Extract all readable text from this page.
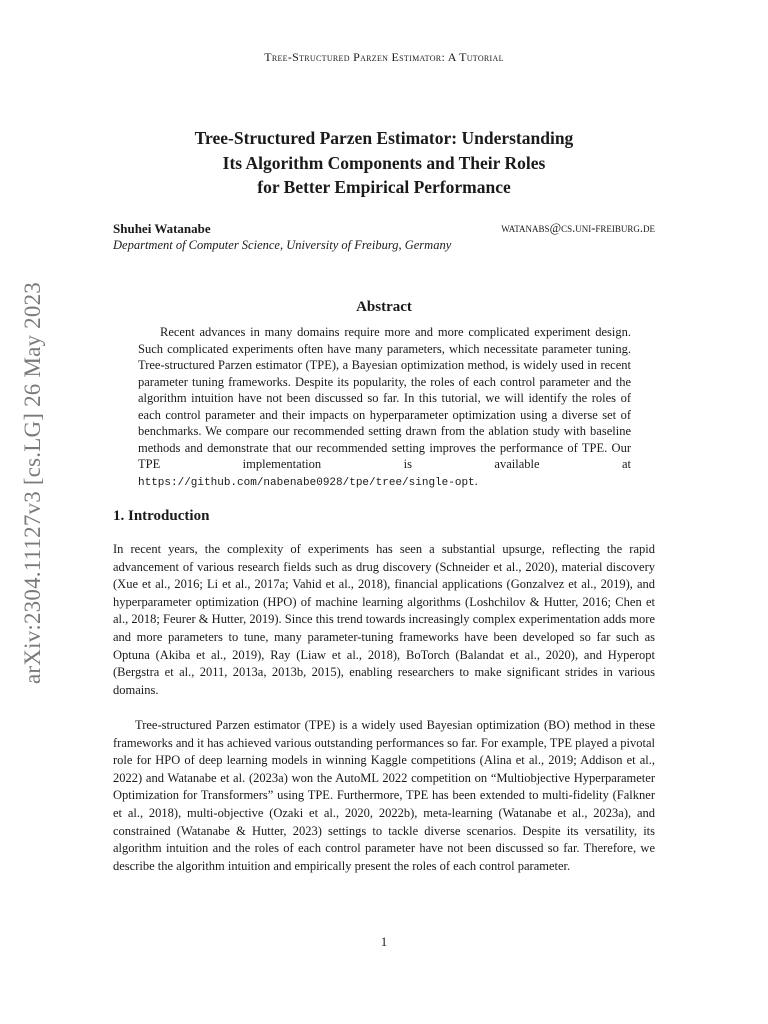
Tree-Structured Parzen Estimator: A Tutorial
arXiv:2304.11127v3 [cs.LG] 26 May 2023
Tree-Structured Parzen Estimator: Understanding
Its Algorithm Components and Their Roles
for Better Empirical Performance
Shuhei Watanabe	watanabs@cs.uni-freiburg.de
Department of Computer Science, University of Freiburg, Germany
Abstract

Recent advances in many domains require more and more complicated experiment design. Such complicated experiments often have many parameters, which necessitate parameter tuning. Tree-structured Parzen estimator (TPE), a Bayesian optimization method, is widely used in recent parameter tuning frameworks. Despite its popularity, the roles of each control parameter and the algorithm intuition have not been discussed so far. In this tutorial, we will identify the roles of each control parameter and their impacts on hyperparameter optimization using a diverse set of benchmarks. We compare our recommended setting drawn from the ablation study with baseline methods and demonstrate that our recommended setting improves the performance of TPE. Our TPE implementation is available at https://github.com/nabenabe0928/tpe/tree/single-opt.

1. Introduction

In recent years, the complexity of experiments has seen a substantial upsurge, reflecting the rapid advancement of various research fields such as drug discovery (Schneider et al., 2020), material discovery (Xue et al., 2016; Li et al., 2017a; Vahid et al., 2018), financial applications (Gonzalvez et al., 2019), and hyperparameter optimization (HPO) of machine learning algorithms (Loshchilov & Hutter, 2016; Chen et al., 2018; Feurer & Hutter, 2019). Since this trend towards increasingly complex experimentation adds more and more parameters to tune, many parameter-tuning frameworks have been developed so far such as Optuna (Akiba et al., 2019), Ray (Liaw et al., 2018), BoTorch (Balandat et al., 2020), and Hyperopt (Bergstra et al., 2011, 2013a, 2013b, 2015), enabling researchers to make significant strides in various domains.

Tree-structured Parzen estimator (TPE) is a widely used Bayesian optimization (BO) method in these frameworks and it has achieved various outstanding performances so far. For example, TPE played a pivotal role for HPO of deep learning models in winning Kaggle competitions (Alina et al., 2019; Addison et al., 2022) and Watanabe et al. (2023a) won the AutoML 2022 competition on “Multiobjective Hyperparameter Optimization for Transformers” using TPE. Furthermore, TPE has been extended to multi-fidelity (Falkner et al., 2018), multi-objective (Ozaki et al., 2020, 2022b), meta-learning (Watanabe et al., 2023a), and constrained (Watanabe & Hutter, 2023) settings to tackle diverse scenarios. Despite its versatility, its algorithm intuition and the roles of each control parameter have not been discussed so far. Therefore, we describe the algorithm intuition and empirically present the roles of each control parameter.

1
